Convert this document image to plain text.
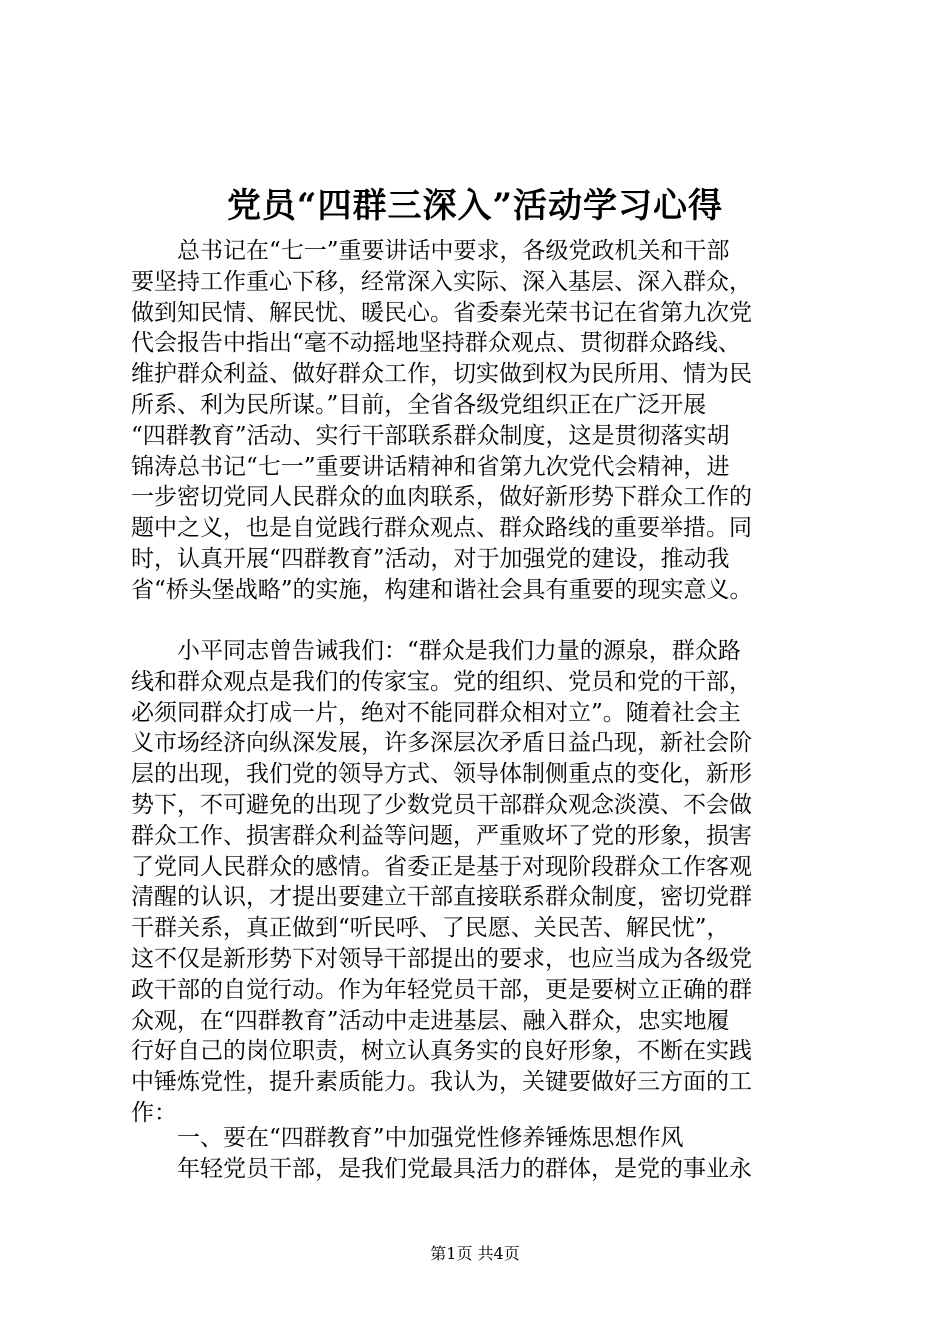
党员“四群三深入”活动学习心得
　　总书记在“七一”重要讲话中要求，各级党政机关和干部
要坚持工作重心下移，经常深入实际、深入基层、深入群众，
做到知民情、解民忧、暖民心。省委秦光荣书记在省第九次党
代会报告中指出“毫不动摇地坚持群众观点、贯彻群众路线、
维护群众利益、做好群众工作，切实做到权为民所用、情为民
所系、利为民所谋。”目前，全省各级党组织正在广泛开展
“四群教育”活动、实行干部联系群众制度，这是贯彻落实胡
锦涛总书记“七一”重要讲话精神和省第九次党代会精神，进
一步密切党同人民群众的血肉联系，做好新形势下群众工作的
题中之义，也是自觉践行群众观点、群众路线的重要举措。同
时，认真开展“四群教育”活动，对于加强党的建设，推动我
省“桥头堡战略”的实施，构建和谐社会具有重要的现实意义。
　　小平同志曾告诫我们：“群众是我们力量的源泉，群众路
线和群众观点是我们的传家宝。党的组织、党员和党的干部，
必须同群众打成一片，绝对不能同群众相对立”。随着社会主
义市场经济向纵深发展，许多深层次矛盾日益凸现，新社会阶
层的出现，我们党的领导方式、领导体制侧重点的变化，新形
势下，不可避免的出现了少数党员干部群众观念淡漠、不会做
群众工作、损害群众利益等问题，严重败坏了党的形象，损害
了党同人民群众的感情。省委正是基于对现阶段群众工作客观
清醒的认识，才提出要建立干部直接联系群众制度，密切党群
干群关系，真正做到“听民呼、了民愿、关民苦、解民忧”，
这不仅是新形势下对领导干部提出的要求，也应当成为各级党
政干部的自觉行动。作为年轻党员干部，更是要树立正确的群
众观，在“四群教育”活动中走进基层、融入群众，忠实地履
行好自己的岗位职责，树立认真务实的良好形象，不断在实践
中锤炼党性，提升素质能力。我认为，关键要做好三方面的工
作：
　　一、要在“四群教育”中加强党性修养锤炼思想作风
　　年轻党员干部，是我们党最具活力的群体，是党的事业永
第1页 共4页
